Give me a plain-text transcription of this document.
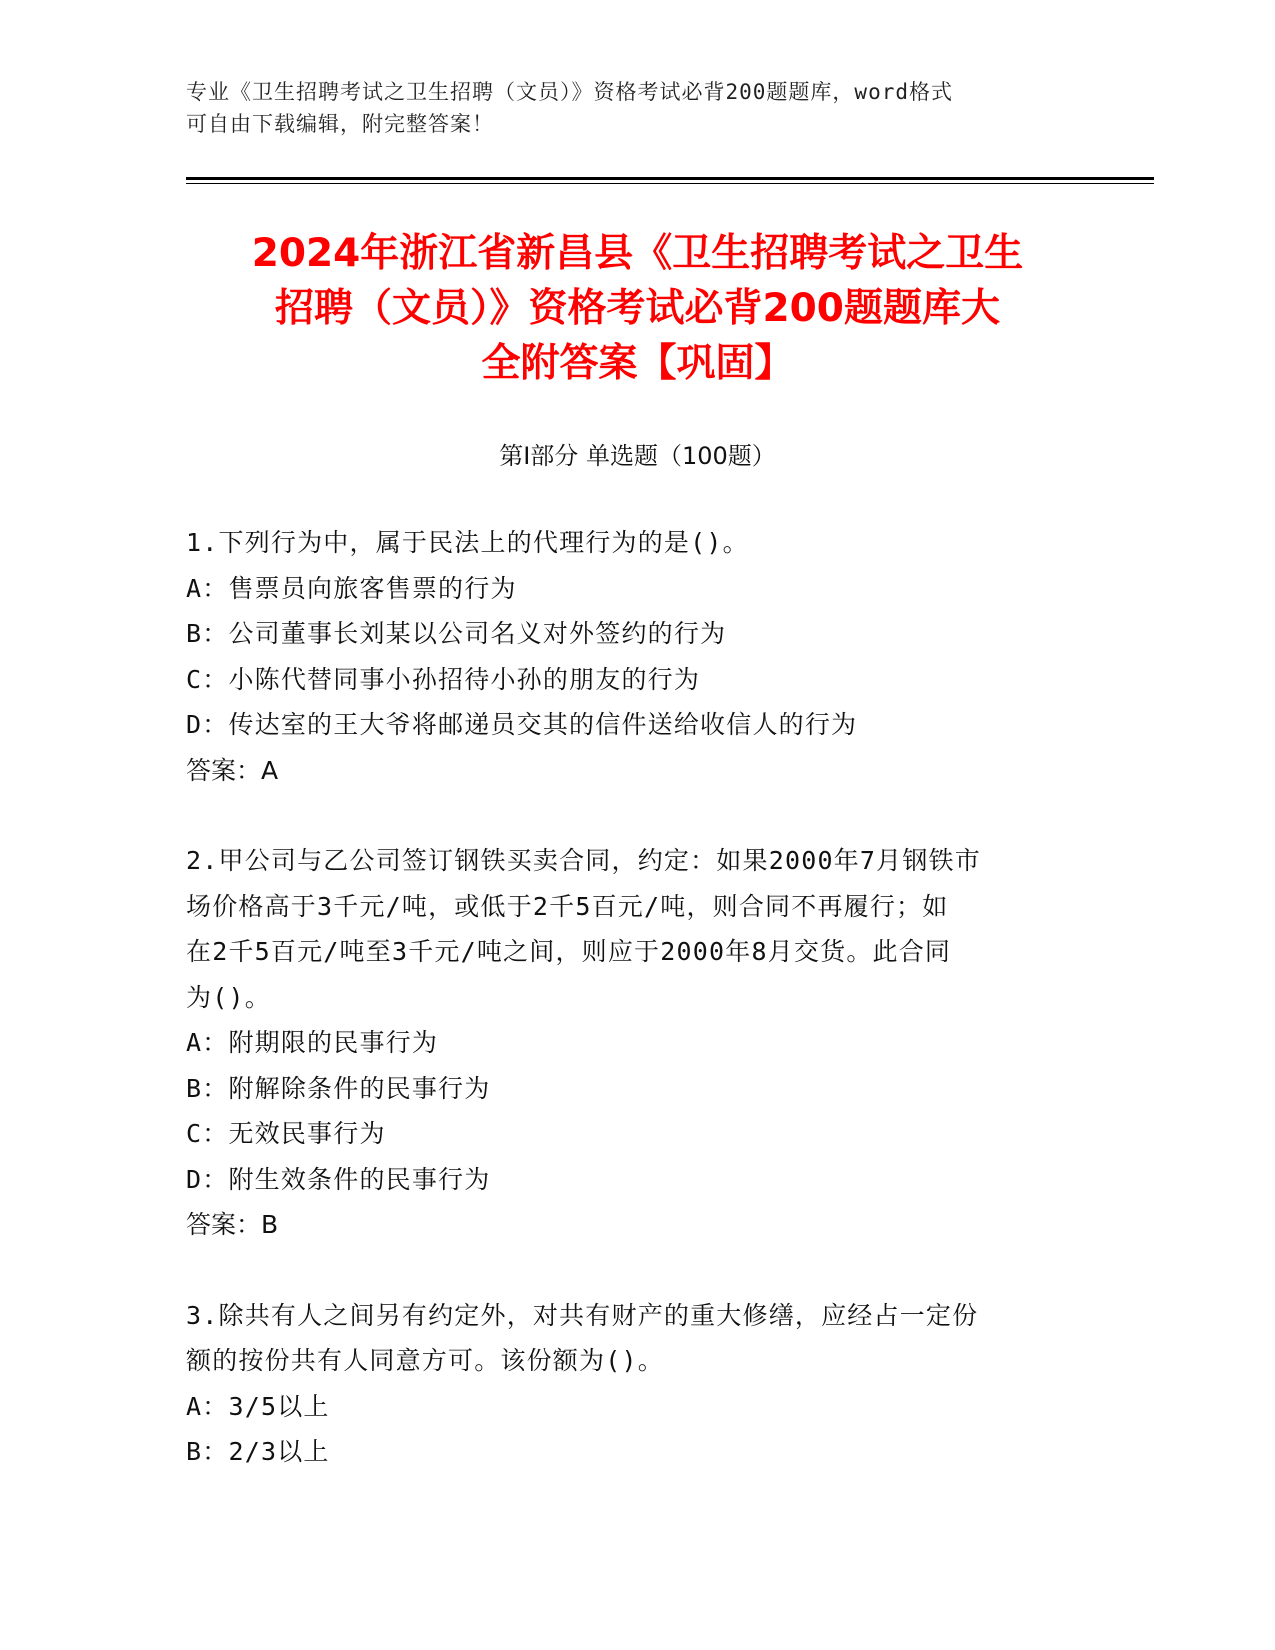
专业《卫生招聘考试之卫生招聘（文员）》资格考试必背200题题库，word格式
可自由下载编辑，附完整答案！
2024年浙江省新昌县《卫生招聘考试之卫生
招聘（文员）》资格考试必背200题题库大
全附答案【巩固】
第Ⅰ部分 单选题（100题）
1.下列行为中，属于民法上的代理行为的是()。
A：售票员向旅客售票的行为
B：公司董事长刘某以公司名义对外签约的行为
C：小陈代替同事小孙招待小孙的朋友的行为
D：传达室的王大爷将邮递员交其的信件送给收信人的行为
答案：A
2.甲公司与乙公司签订钢铁买卖合同，约定：如果2000年7月钢铁市
场价格高于3千元/吨，或低于2千5百元/吨，则合同不再履行；如
在2千5百元/吨至3千元/吨之间，则应于2000年8月交货。此合同
为()。
A：附期限的民事行为
B：附解除条件的民事行为
C：无效民事行为
D：附生效条件的民事行为
答案：B
3.除共有人之间另有约定外，对共有财产的重大修缮，应经占一定份
额的按份共有人同意方可。该份额为()。
A：3/5以上
B：2/3以上
